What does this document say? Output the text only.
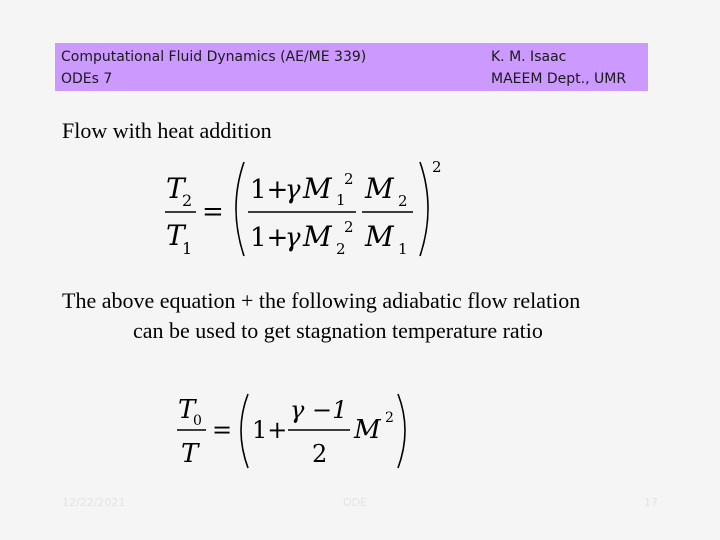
Computational Fluid Dynamics (AE/ME 339)
ODEs 7
K. M. Isaac
MAEEM Dept., UMR
Flow with heat addition
T
2
T
1
=
1+
γ M 2
1
1+
γ M 2
2
M 2
M 1
2
The above equation + the following adiabatic flow relation
can be used to get stagnation temperature ratio
T
0
T
= 1+
γ −1
2
M 2
12/22/2021	ODE	17
